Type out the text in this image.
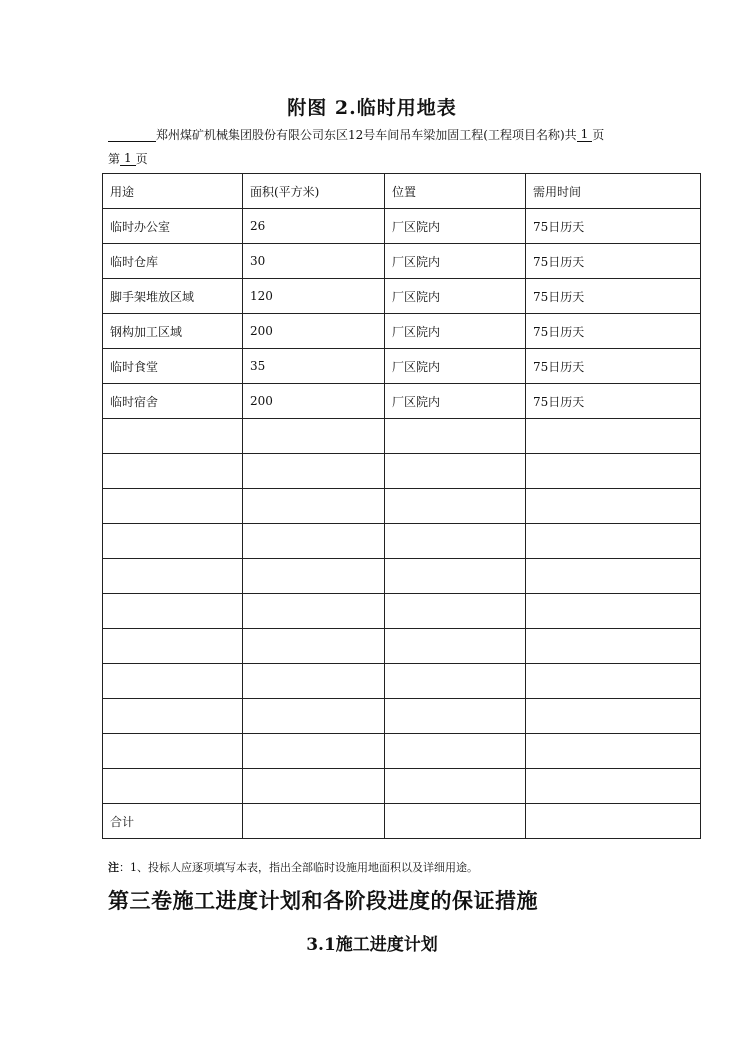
附图 2.临时用地表
郑州煤矿机械集团股份有限公司东区12号车间吊车梁加固工程(工程项目名称)共 1 页
第 1 页
用途	面积(平方米)	位置	需用时间
临时办公室	26	厂区院内	75日历天
临时仓库	30	厂区院内	75日历天
脚手架堆放区域	120	厂区院内	75日历天
钢构加工区域	200	厂区院内	75日历天
临时食堂	35	厂区院内	75日历天
临时宿舍	200	厂区院内	75日历天

合计			
注：1、投标人应逐项填写本表，指出全部临时设施用地面积以及详细用途。
第三卷施工进度计划和各阶段进度的保证措施
3.1施工进度计划
